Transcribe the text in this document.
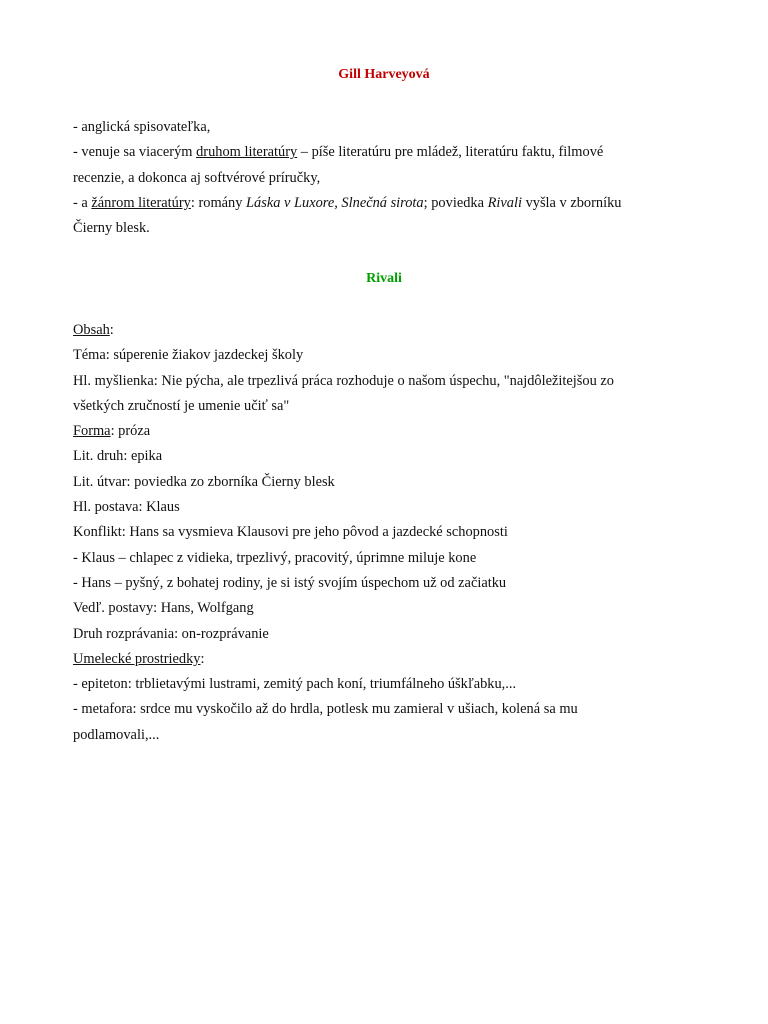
Gill Harveyová
- anglická spisovateľka,
- venuje sa viacerým druhom literatúry – píše literatúru pre mládež, literatúru faktu, filmové
recenzie, a dokonca aj softvérové príručky,
- a žánrom literatúry: romány Láska v Luxore, Slnečná sirota; poviedka Rivali vyšla v zborníku
Čierny blesk.
Rivali
Obsah:
Téma: súperenie žiakov jazdeckej školy
Hl. myšlienka: Nie pýcha, ale trpezlivá práca rozhoduje o našom úspechu, "najdôležitejšou zo
všetkých zručností je umenie učiť sa"
Forma: próza
Lit. druh: epika
Lit. útvar: poviedka zo zborníka Čierny blesk
Hl. postava: Klaus
Konflikt: Hans sa vysmieva Klausovi pre jeho pôvod a jazdecké schopnosti
- Klaus – chlapec z vidieka, trpezlivý, pracovitý, úprimne miluje kone
- Hans – pyšný, z bohatej rodiny, je si istý svojím úspechom už od začiatku
Vedľ. postavy: Hans, Wolfgang
Druh rozprávania: on-rozprávanie
Umelecké prostriedky:
- epiteton: trblietavými lustrami, zemitý pach koní, triumfálneho úškľabku,...
- metafora: srdce mu vyskočilo až do hrdla, potlesk mu zamieral v ušiach, kolená sa mu
podlamovali,...
